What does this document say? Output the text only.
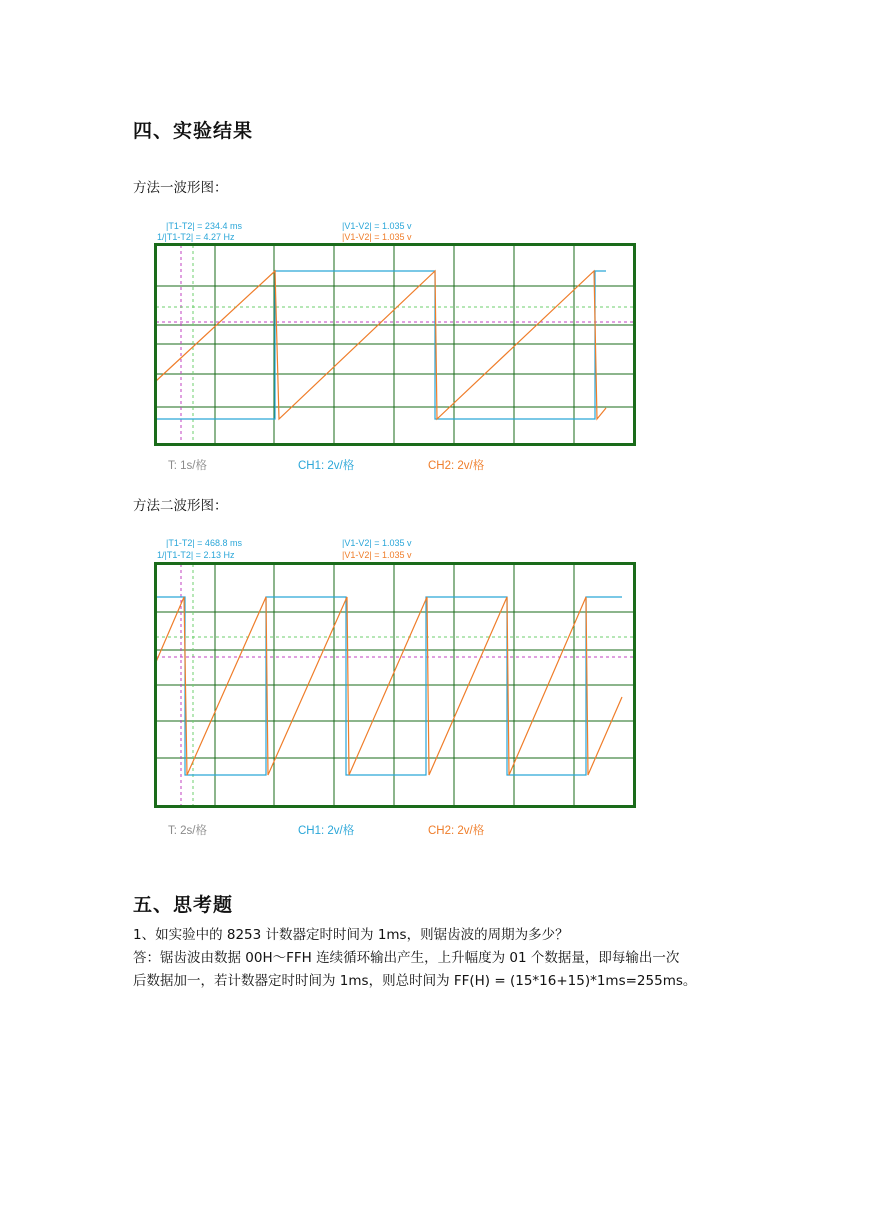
四、实验结果
方法一波形图：
|T1-T2| = 234.4 ms
1/|T1-T2| = 4.27 Hz
|V1-V2| = 1.035 v
|V1-V2| = 1.035 v
T: 1s/格	CH1: 2v/格	CH2: 2v/格
方法二波形图：
|T1-T2| = 468.8 ms
1/|T1-T2| = 2.13 Hz
|V1-V2| = 1.035 v
|V1-V2| = 1.035 v
T: 2s/格	CH1: 2v/格	CH2: 2v/格
五、思考题
1、如实验中的 8253 计数器定时时间为 1ms，则锯齿波的周期为多少？
答：锯齿波由数据 00H～FFH 连续循环输出产生，上升幅度为 01 个数据量，即每输出一次
后数据加一，若计数器定时时间为 1ms，则总时间为 FF(H) = (15*16+15)*1ms=255ms。
